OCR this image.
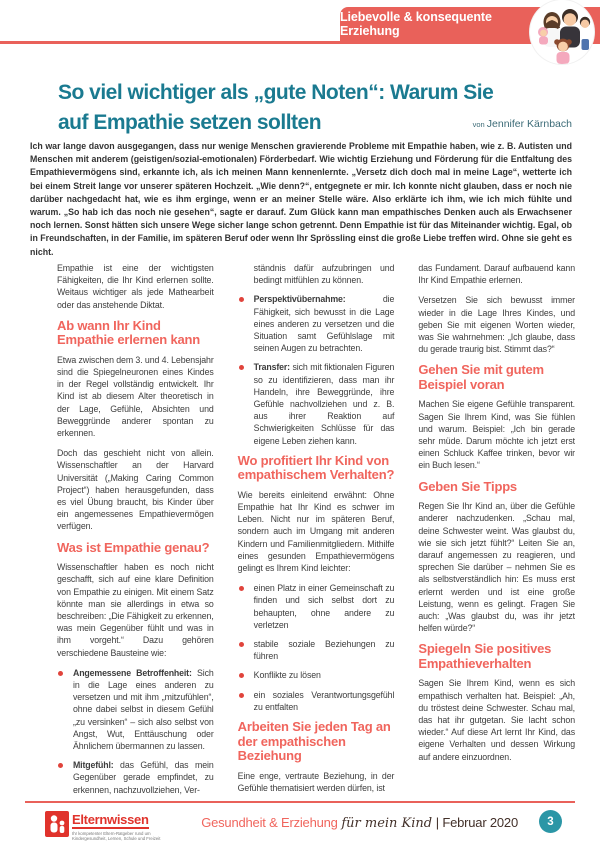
Liebevolle & konsequente Erziehung
So viel wichtiger als „gute Noten“: Warum Sie
auf Empathie setzen sollten	von Jennifer Kärnbach

Ich war lange davon ausgegangen, dass nur wenige Menschen gravierende Probleme mit Empathie haben, wie z. B. Autisten und Menschen mit anderem (geistigen/sozial-emotionalen) Förderbedarf. Wie wichtig Erziehung und Förderung für die Entfaltung des Empathievermögens sind, erkannte ich, als ich meinen Mann kennenlernte. „Versetz dich doch mal in meine Lage“, wetterte ich bei einem Streit lange vor unserer späteren Hochzeit. „Wie denn?“, entgegnete er mir. Ich konnte nicht glauben, dass er noch nie darüber nachgedacht hat, wie es ihm erginge, wenn er an meiner Stelle wäre. Also erklärte ich ihm, wie ich mich fühlte und warum. „So hab ich das noch nie gesehen“, sagte er darauf. Zum Glück kann man empathisches Denken auch als Erwachsener noch lernen. Sonst hätten sich unsere Wege sicher lange schon getrennt. Denn Empathie ist für das Miteinander wichtig. Egal, ob in Freundschaften, in der Familie, im späteren Beruf oder wenn Ihr Sprössling einst die große Liebe treffen wird. Ohne sie geht es nicht.

Empathie ist eine der wichtigsten Fähigkeiten, die Ihr Kind erlernen sollte. Weitaus wichtiger als jede Mathearbeit oder das anstehende Diktat.

Ab wann Ihr Kind Empathie erlernen kann

Etwa zwischen dem 3. und 4. Lebensjahr sind die Spiegelneuronen eines Kindes in der Regel vollständig entwickelt. Ihr Kind ist ab diesem Alter theoretisch in der Lage, Gefühle, Absichten und Beweggründe anderer spontan zu erkennen.

Doch das geschieht nicht von allein. Wissenschaftler an der Harvard Universität („Making Caring Common Project“) haben herausgefunden, dass es viel Übung braucht, bis Kinder über ein angemessenes Empathievermögen verfügen.

Was ist Empathie genau?

Wissenschaftler haben es noch nicht geschafft, sich auf eine klare Definition von Empathie zu einigen. Mit einem Satz könnte man sie allerdings in etwa so beschreiben: „Die Fähigkeit zu erkennen, was mein Gegenüber fühlt und was in ihm vorgeht.“ Dazu gehören verschiedene Bausteine wie:

Angemessene Betroffenheit: Sich in die Lage eines anderen zu versetzen und mit ihm „mitzufühlen“, ohne dabei selbst in diesem Gefühl „zu versinken“ – sich also selbst von Angst, Wut, Enttäuschung oder Ähnlichem übermannen zu lassen.

Mitgefühl: das Gefühl, das mein Gegenüber gerade empfindet, zu erkennen, nachzuvollziehen, Ver-

ständnis dafür aufzubringen und bedingt mitfühlen zu können.

Perspektivübernahme: die Fähigkeit, sich bewusst in die Lage eines anderen zu versetzen und die Situation samt Gefühlslage mit seinen Augen zu betrachten.

Transfer: sich mit fiktionalen Figuren so zu identifizieren, dass man ihr Handeln, ihre Beweggründe, ihre Gefühle nachvollziehen und z. B. aus ihrer Reaktion auf Schwierigkeiten Schlüsse für das eigene Leben ziehen kann.

Wo profitiert Ihr Kind von empathischem Verhalten?

Wie bereits einleitend erwähnt: Ohne Empathie hat Ihr Kind es schwer im Leben. Nicht nur im späteren Beruf, sondern auch im Umgang mit anderen Kindern und Familienmitgliedern. Mithilfe eines gesunden Empathievermögens gelingt es Ihrem Kind leichter:

einen Platz in einer Gemeinschaft zu finden und sich selbst dort zu behaupten, ohne andere zu verletzen

stabile soziale Beziehungen zu führen

Konflikte zu lösen

ein soziales Verantwortungsgefühl zu entfalten

Arbeiten Sie jeden Tag an der empathischen Beziehung

Eine enge, vertraute Beziehung, in der Gefühle thematisiert werden dürfen, ist

das Fundament. Darauf aufbauend kann Ihr Kind Empathie erlernen.

Versetzen Sie sich bewusst immer wieder in die Lage Ihres Kindes, und geben Sie mit eigenen Worten wieder, was Sie wahrnehmen: „Ich glaube, dass du gerade traurig bist. Stimmt das?“

Gehen Sie mit gutem Beispiel voran

Machen Sie eigene Gefühle transparent. Sagen Sie Ihrem Kind, was Sie fühlen und warum. Beispiel: „Ich bin gerade sehr müde. Darum möchte ich jetzt erst einen Schluck Kaffee trinken, bevor wir ein Buch lesen.“

Geben Sie Tipps

Regen Sie Ihr Kind an, über die Gefühle anderer nachzudenken. „Schau mal, deine Schwester weint. Was glaubst du, wie sie sich jetzt fühlt?“ Leiten Sie an, darauf angemessen zu reagieren, und sprechen Sie darüber – nehmen Sie es als selbstverständlich hin: Es muss erst erlernt werden und ist eine große Leistung, wenn es gelingt. Fragen Sie auch: „Was glaubst du, was ihr jetzt helfen würde?“

Spiegeln Sie positives Empathieverhalten

Sagen Sie Ihrem Kind, wenn es sich empathisch verhalten hat. Beispiel: „Ah, du tröstest deine Schwester. Schau mal, das hat ihr gutgetan. Sie lacht schon wieder.“ Auf diese Art lernt Ihr Kind, das eigene Verhalten und dessen Wirkung auf andere einzuordnen.

Elternwissen
Ihr kompetenter Eltern-Ratgeber rund um Kindergesundheit, Lernen, Schule und Freizeit
Gesundheit & Erziehung für mein Kind | Februar 2020	3
